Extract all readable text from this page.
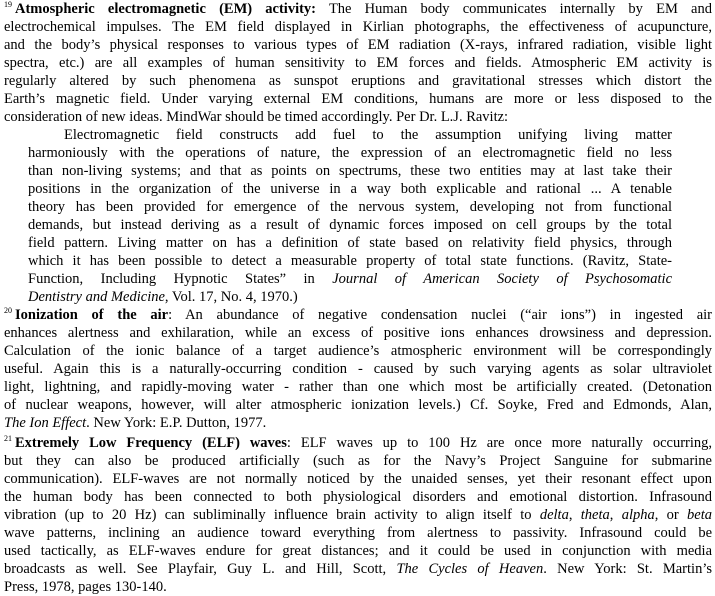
$^{19}$ Atmospheric electromagnetic (EM) activity: The Human body communicates internally by EM and
electrochemical impulses. The EM field displayed in Kirlian photographs, the effectiveness of acupuncture,
and the body’s physical responses to various types of EM radiation (X-rays, infrared radiation, visible light
spectra, etc.) are all examples of human sensitivity to EM forces and fields. Atmospheric EM activity is
regularly altered by such phenomena as sunspot eruptions and gravitational stresses which distort the
Earth’s magnetic field. Under varying external EM conditions, humans are more or less disposed to the
consideration of new ideas. MindWar should be timed accordingly. Per Dr. L.J. Ravitz:
Electromagnetic field constructs add fuel to the assumption unifying living matter
harmoniously with the operations of nature, the expression of an electromagnetic field no less
than non-living systems; and that as points on spectrums, these two entities may at last take their
positions in the organization of the universe in a way both explicable and rational ... A tenable
theory has been provided for emergence of the nervous system, developing not from functional
demands, but instead deriving as a result of dynamic forces imposed on cell groups by the total
field pattern. Living matter on has a definition of state based on relativity field physics, through
which it has been possible to detect a measurable property of total state functions. (Ravitz, State-
Function, Including Hypnotic States” in Journal of American Society of Psychosomatic
Dentistry and Medicine, Vol. 17, No. 4, 1970.)
$^{20}$ Ionization of the air: An abundance of negative condensation nuclei (“air ions”) in ingested air
enhances alertness and exhilaration, while an excess of positive ions enhances drowsiness and depression.
Calculation of the ionic balance of a target audience’s atmospheric environment will be correspondingly
useful. Again this is a naturally-occurring condition - caused by such varying agents as solar ultraviolet
light, lightning, and rapidly-moving water - rather than one which most be artificially created. (Detonation
of nuclear weapons, however, will alter atmospheric ionization levels.) Cf. Soyke, Fred and Edmonds, Alan,
The Ion Effect. New York: E.P. Dutton, 1977.
$^{21}$ Extremely Low Frequency (ELF) waves: ELF waves up to 100 Hz are once more naturally occurring,
but they can also be produced artificially (such as for the Navy’s Project Sanguine for submarine
communication). ELF-waves are not normally noticed by the unaided senses, yet their resonant effect upon
the human body has been connected to both physiological disorders and emotional distortion. Infrasound
vibration (up to 20 Hz) can subliminally influence brain activity to align itself to delta, theta, alpha, or beta
wave patterns, inclining an audience toward everything from alertness to passivity. Infrasound could be
used tactically, as ELF-waves endure for great distances; and it could be used in conjunction with media
broadcasts as well. See Playfair, Guy L. and Hill, Scott, The Cycles of Heaven. New York: St. Martin’s
Press, 1978, pages 130-140.
